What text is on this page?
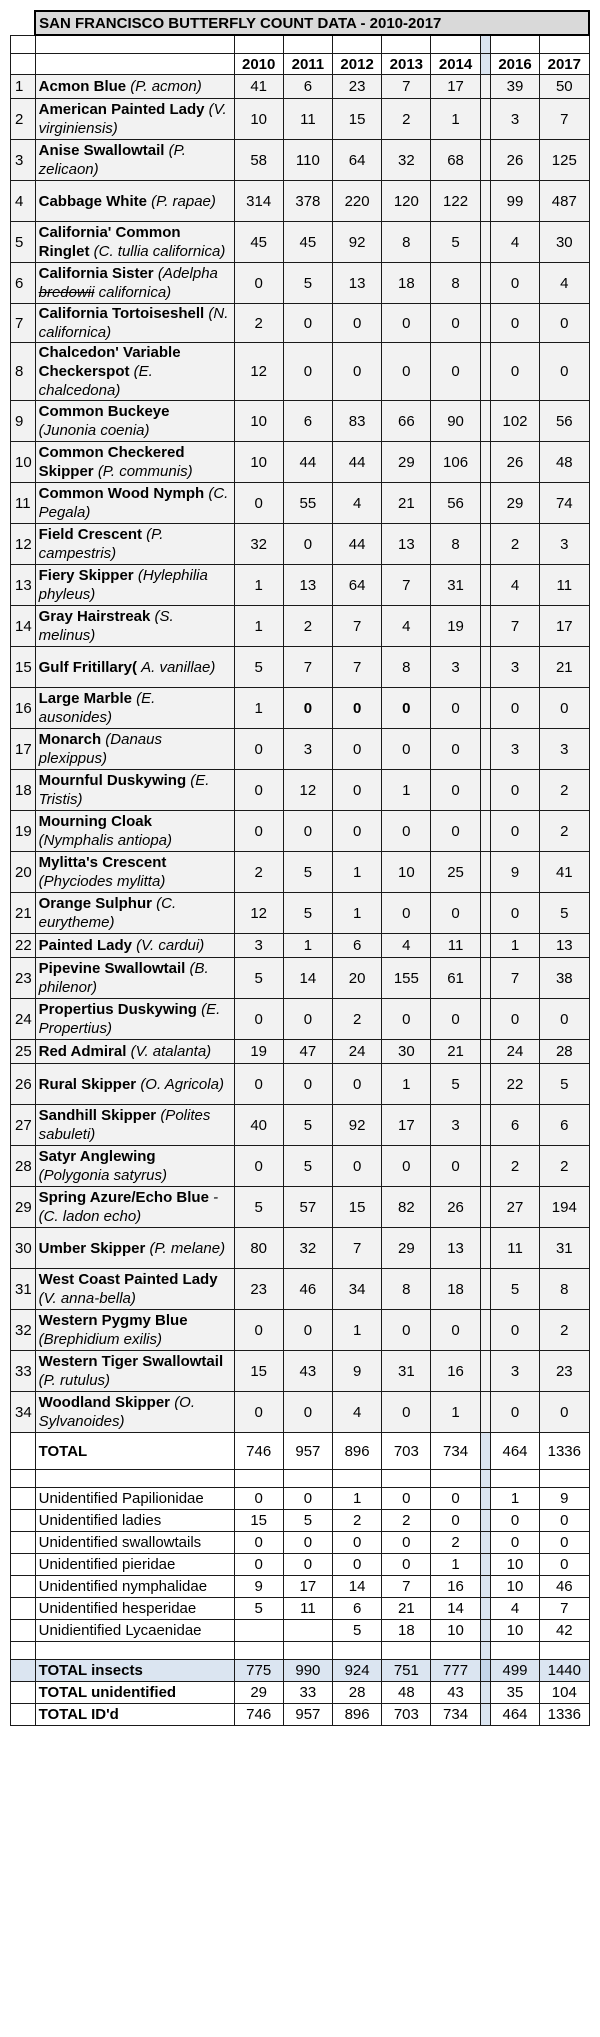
	SAN FRANCISCO BUTTERFLY COUNT DATA - 2010-2017								

		2010	2011	2012	2013	2014		2016	2017
1	Acmon Blue (P. acmon)	41	6	23	7	17		39	50
2	American Painted Lady (V. virginiensis)	10	11	15	2	1		3	7
3	Anise Swallowtail (P. zelicaon)	58	110	64	32	68		26	125
4	Cabbage White (P. rapae)	314	378	220	120	122		99	487
5	California' Common Ringlet (C. tullia californica)	45	45	92	8	5		4	30
6	California Sister (Adelpha bredowii californica)	0	5	13	18	8		0	4
7	California Tortoiseshell (N. californica)	2	0	0	0	0		0	0
8	Chalcedon' Variable Checkerspot (E. chalcedona)	12	0	0	0	0		0	0
9	Common Buckeye (Junonia coenia)	10	6	83	66	90		102	56
10	Common Checkered Skipper (P. communis)	10	44	44	29	106		26	48
11	Common Wood Nymph (C. Pegala)	0	55	4	21	56		29	74
12	Field Crescent (P. campestris)	32	0	44	13	8		2	3
13	Fiery Skipper (Hylephilia phyleus)	1	13	64	7	31		4	11
14	Gray Hairstreak (S. melinus)	1	2	7	4	19		7	17
15	Gulf Fritillary( A. vanillae)	5	7	7	8	3		3	21
16	Large Marble (E. ausonides)	1	0	0	0	0		0	0
17	Monarch (Danaus plexippus)	0	3	0	0	0		3	3
18	Mournful Duskywing (E. Tristis)	0	12	0	1	0		0	2
19	Mourning Cloak (Nymphalis antiopa)	0	0	0	0	0		0	2
20	Mylitta's Crescent (Phyciodes mylitta)	2	5	1	10	25		9	41
21	Orange Sulphur (C. eurytheme)	12	5	1	0	0		0	5
22	Painted Lady (V. cardui)	3	1	6	4	11		1	13
23	Pipevine Swallowtail (B. philenor)	5	14	20	155	61		7	38
24	Propertius Duskywing (E. Propertius)	0	0	2	0	0		0	0
25	Red Admiral (V. atalanta)	19	47	24	30	21		24	28
26	Rural Skipper (O. Agricola)	0	0	0	1	5		22	5
27	Sandhill Skipper (Polites sabuleti)	40	5	92	17	3		6	6
28	Satyr Anglewing (Polygonia satyrus)	0	5	0	0	0		2	2
29	Spring Azure/Echo Blue - (C. ladon echo)	5	57	15	82	26		27	194
30	Umber Skipper (P. melane)	80	32	7	29	13		11	31
31	West Coast Painted Lady (V. anna-bella)	23	46	34	8	18		5	8
32	Western Pygmy Blue (Brephidium exilis)	0	0	1	0	0		0	2
33	Western Tiger Swallowtail (P. rutulus)	15	43	9	31	16		3	23
34	Woodland Skipper (O. Sylvanoides)	0	0	4	0	1		0	0
	TOTAL	746	957	896	703	734		464	1336

	Unidentified Papilionidae	0	0	1	0	0		1	9
	Unidentified ladies	15	5	2	2	0		0	0
	Unidentified swallowtails	0	0	0	0	2		0	0
	Unidentified pieridae	0	0	0	0	1		10	0
	Unidentified nymphalidae	9	17	14	7	16		10	46
	Unidentified hesperidae	5	11	6	21	14		4	7
	Unidientified Lycaenidae			5	18	10		10	42

	TOTAL insects	775	990	924	751	777		499	1440
	TOTAL unidentified	29	33	28	48	43		35	104
	TOTAL ID'd	746	957	896	703	734		464	1336
